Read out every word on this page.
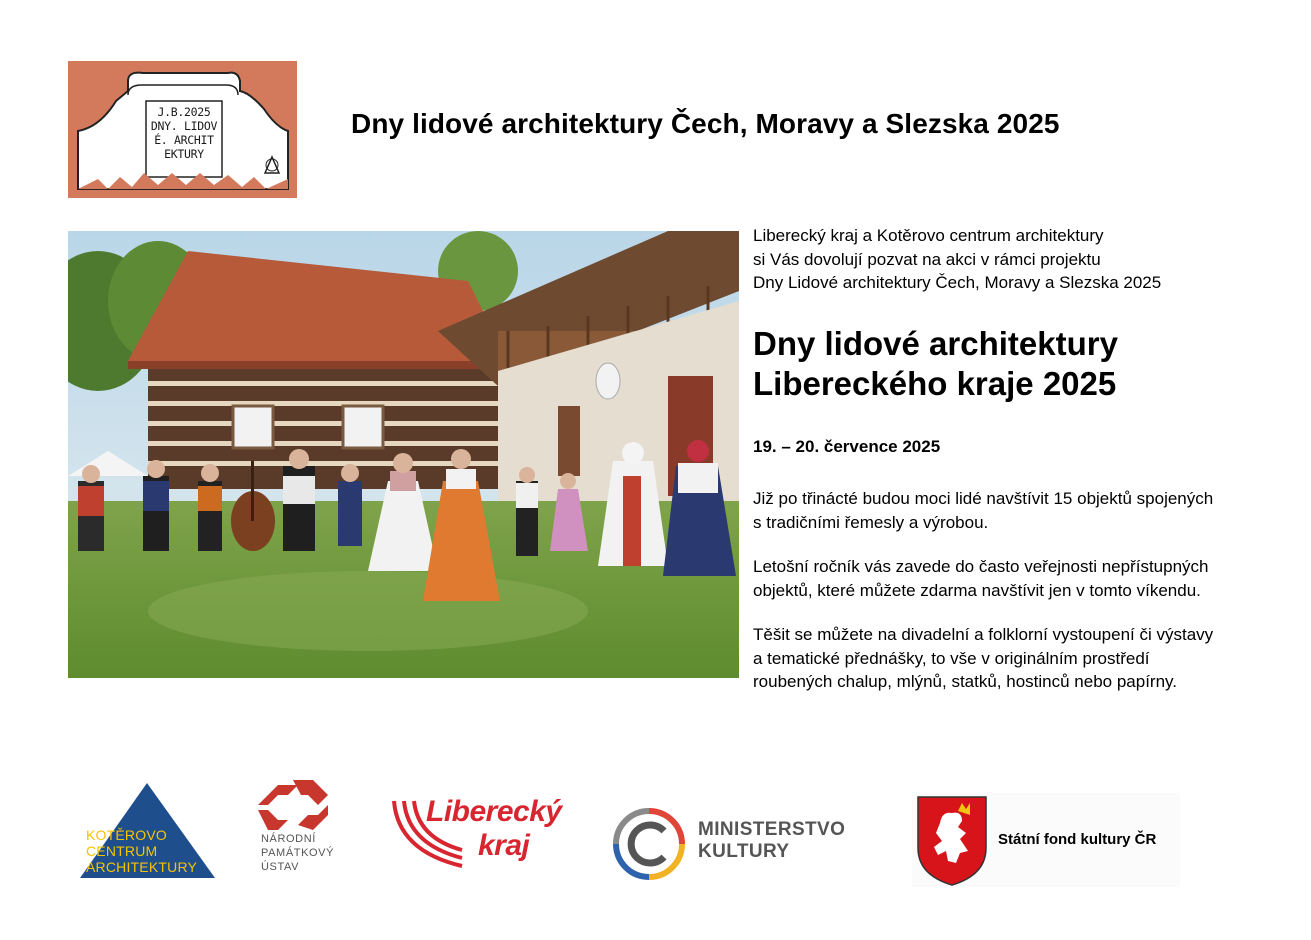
J.B.2025
DNY. LIDOV
É. ARCHIT
EKTURY
Dny lidové architektury Čech, Moravy a Slezska 2025
Liberecký kraj a Kotěrovo centrum architektury
si Vás dovolují pozvat na akci v rámci projektu
Dny Lidové architektury Čech, Moravy a Slezska 2025
Dny lidové architektury
Libereckého kraje 2025
19. – 20. července 2025
Již po třinácté budou moci lidé navštívit 15 objektů spojených
s tradičními řemesly a výrobou.
Letošní ročník vás zavede do často veřejnosti nepřístupných
objektů, které můžete zdarma navštívit jen v tomto víkendu.
Těšit se můžete na divadelní a folklorní vystoupení či výstavy
a tematické přednášky, to vše v originálním prostředí
roubených chalup, mlýnů, statků, hostinců nebo papírny.
KOTĚROVO
CENTRUM
ARCHITEKTURY
NÁRODNÍ
PAMÁTKOVÝ
ÚSTAV
Liberecký
kraj	MINISTERSTVO
KULTURY
Státní fond kultury ČR
